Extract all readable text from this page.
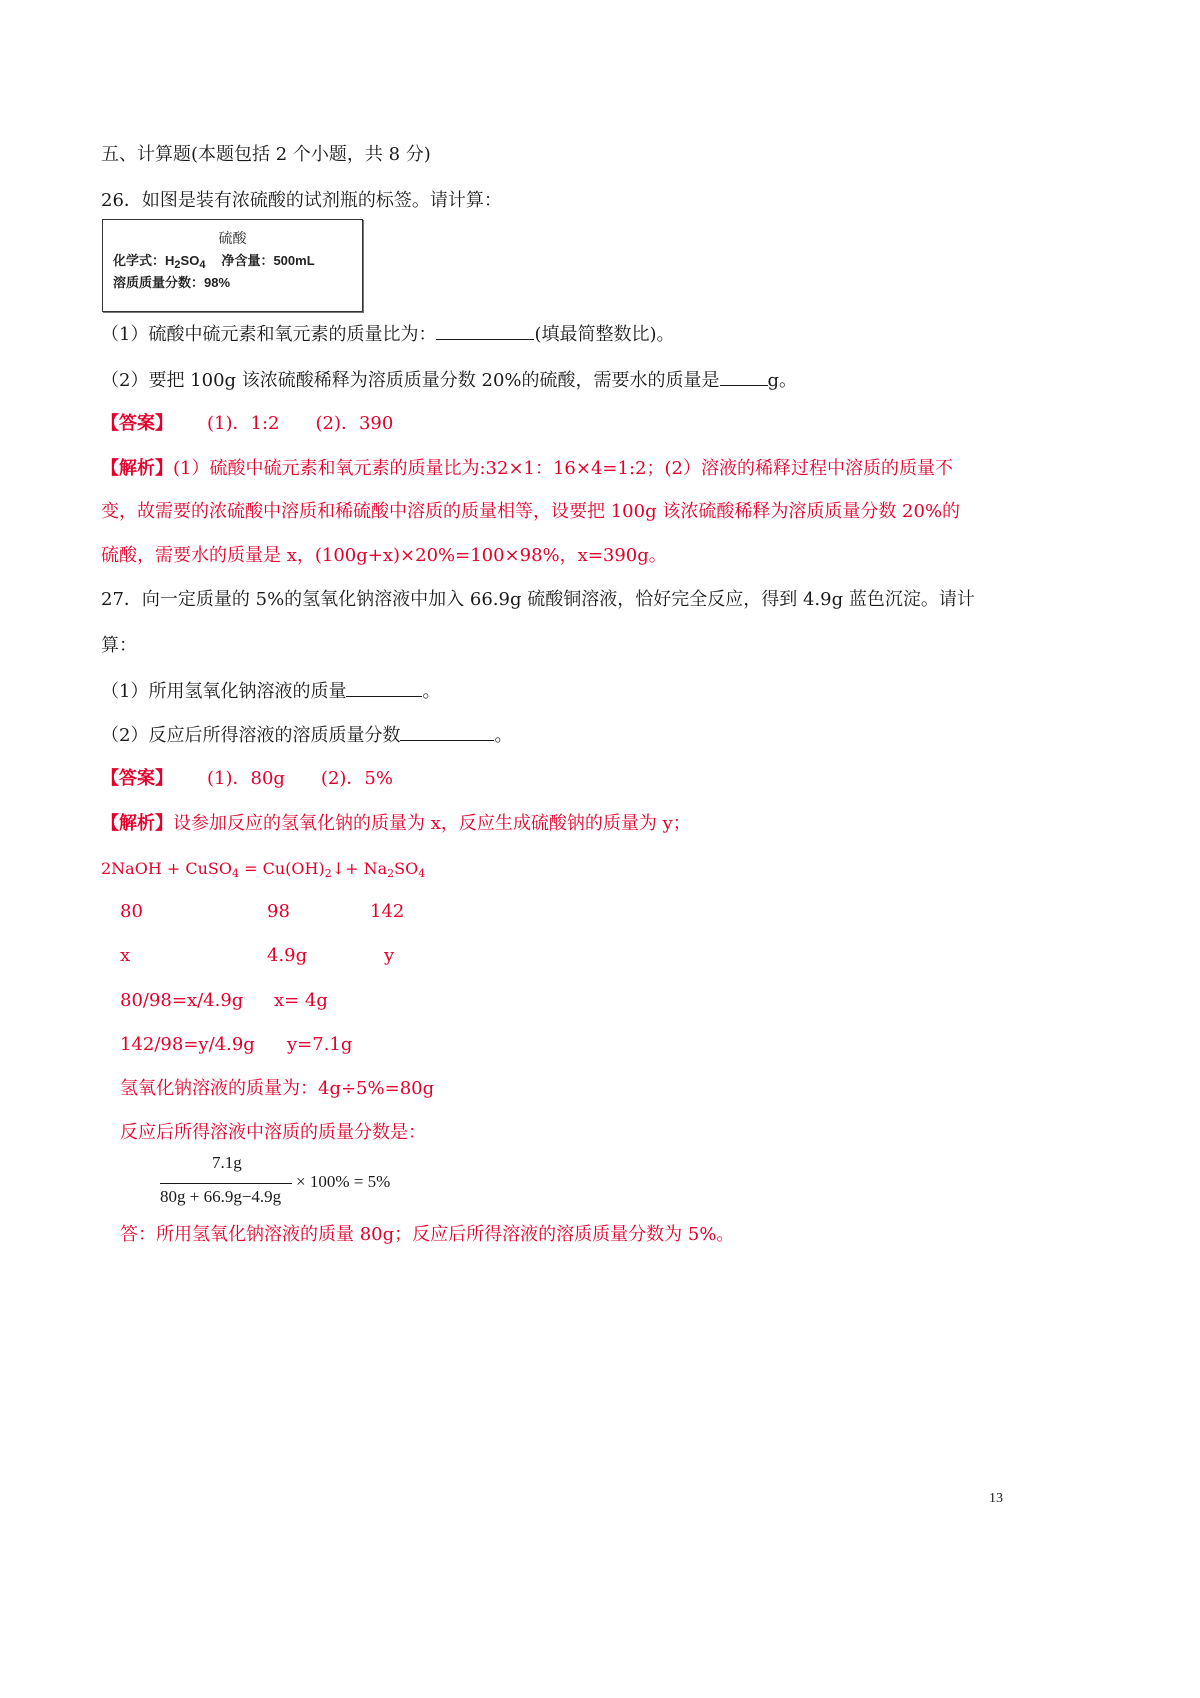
五、计算题(本题包括 2 个小题，共 8 分)
26．如图是装有浓硫酸的试剂瓶的标签。请计算：
硫酸
化学式：$H_2SO_4$ 净含量：500mL
溶质质量分数：98%
（1）硫酸中硫元素和氧元素的质量比为：	(填最简整数比)。
（2）要把 100g 该浓硫酸稀释为溶质质量分数 20%的硫酸，需要水的质量是	g。
【答案】 (1)．1:2　　(2)．390
【解析】(1）硫酸中硫元素和氧元素的质量比为:32×1：16×4=1:2；(2）溶液的稀释过程中溶质的质量不
变，故需要的浓硫酸中溶质和稀硫酸中溶质的质量相等，设要把 100g 该浓硫酸稀释为溶质质量分数 20%的
硫酸，需要水的质量是 x，(100g+x)×20%=100×98%，x=390g。
27．向一定质量的 5%的氢氧化钠溶液中加入 66.9g 硫酸铜溶液，恰好完全反应，得到 4.9g 蓝色沉淀。请计
算：
（1）所用氢氧化钠溶液的质量	。
（2）反应后所得溶液的溶质质量分数	。
【答案】 (1)．80g　　(2)．5%
【解析】设参加反应的氢氧化钠的质量为 x，反应生成硫酸钠的质量为 y；
2NaOH + CuSO$_4$ = $Cu(OH)_2↓+ Na_2SO_4$
80	98	142
x	4.9g	y
80/98=x/4.9g x= 4g
142/98=y/4.9g y=7.1g
氢氧化钠溶液的质量为：4g÷5%=80g
反应后所得溶液中溶质的质量分数是：
7.1g
80g + 66.9g−4.9g
× 100% = 5%
答：所用氢氧化钠溶液的质量 80g；反应后所得溶液的溶质质量分数为 5%。
13
